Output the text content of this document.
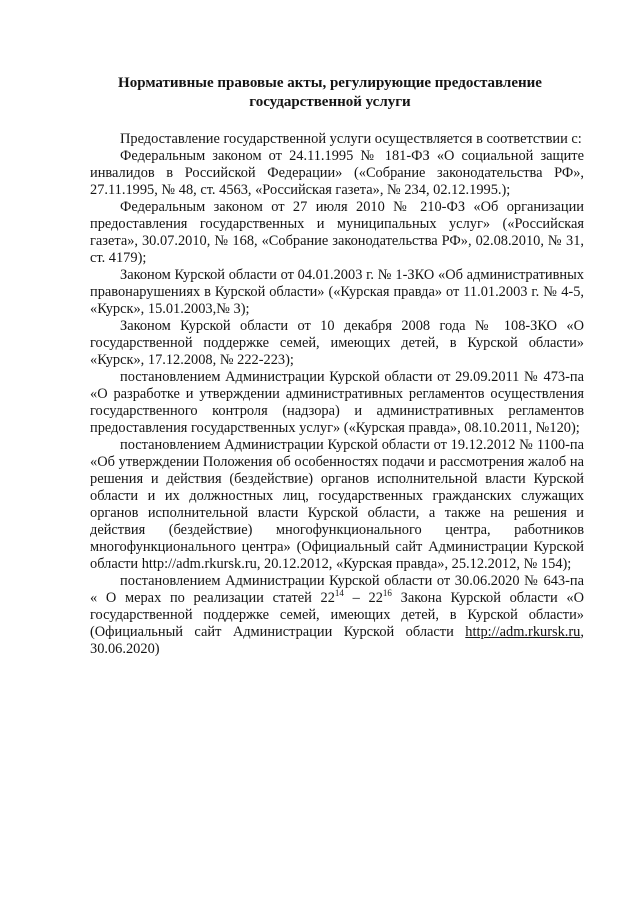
Нормативные правовые акты, регулирующие предоставление
государственной услуги

Предоставление государственной услуги осуществляется в соответствии с:

Федеральным законом от 24.11.1995 № 181-ФЗ «О социальной защите инвалидов в Российской Федерации» («Собрание законодательства РФ», 27.11.1995, № 48, ст. 4563, «Российская газета», № 234, 02.12.1995.);

Федеральным законом от 27 июля 2010 № 210-ФЗ «Об организации предоставления государственных и муниципальных услуг» («Российская газета», 30.07.2010, № 168, «Собрание законодательства РФ», 02.08.2010, № 31, ст. 4179);

Законом Курской области от 04.01.2003 г. № 1-ЗКО «Об административных правонарушениях в Курской области» («Курская правда» от 11.01.2003 г. № 4-5, «Курск», 15.01.2003,№ 3);

Законом Курской области от 10 декабря 2008 года № 108-ЗКО «О государственной поддержке семей, имеющих детей, в Курской области» «Курск», 17.12.2008, № 222-223);

постановлением Администрации Курской области от 29.09.2011 № 473-па «О разработке и утверждении административных регламентов осуществления государственного контроля (надзора) и административных регламентов предоставления государственных услуг» («Курская правда», 08.10.2011, №120);

постановлением Администрации Курской области от 19.12.2012 № 1100-па «Об утверждении Положения об особенностях подачи и рассмотрения жалоб на решения и действия (бездействие) органов исполнительной власти Курской области и их должностных лиц, государственных гражданских служащих органов исполнительной власти Курской области, а также на решения и действия (бездействие) многофункционального центра, работников многофункционального центра» (Официальный сайт Администрации Курской области http://adm.rkursk.ru, 20.12.2012, «Курская правда», 25.12.2012, № 154);

постановлением Администрации Курской области от 30.06.2020 № 643-па « О мерах по реализации статей $22^{14} - 22^{16}$ Закона Курской области «О государственной поддержке семей, имеющих детей, в Курской области» (Официальный сайт Администрации Курской области http://adm.rkursk.ru, 30.06.2020)
